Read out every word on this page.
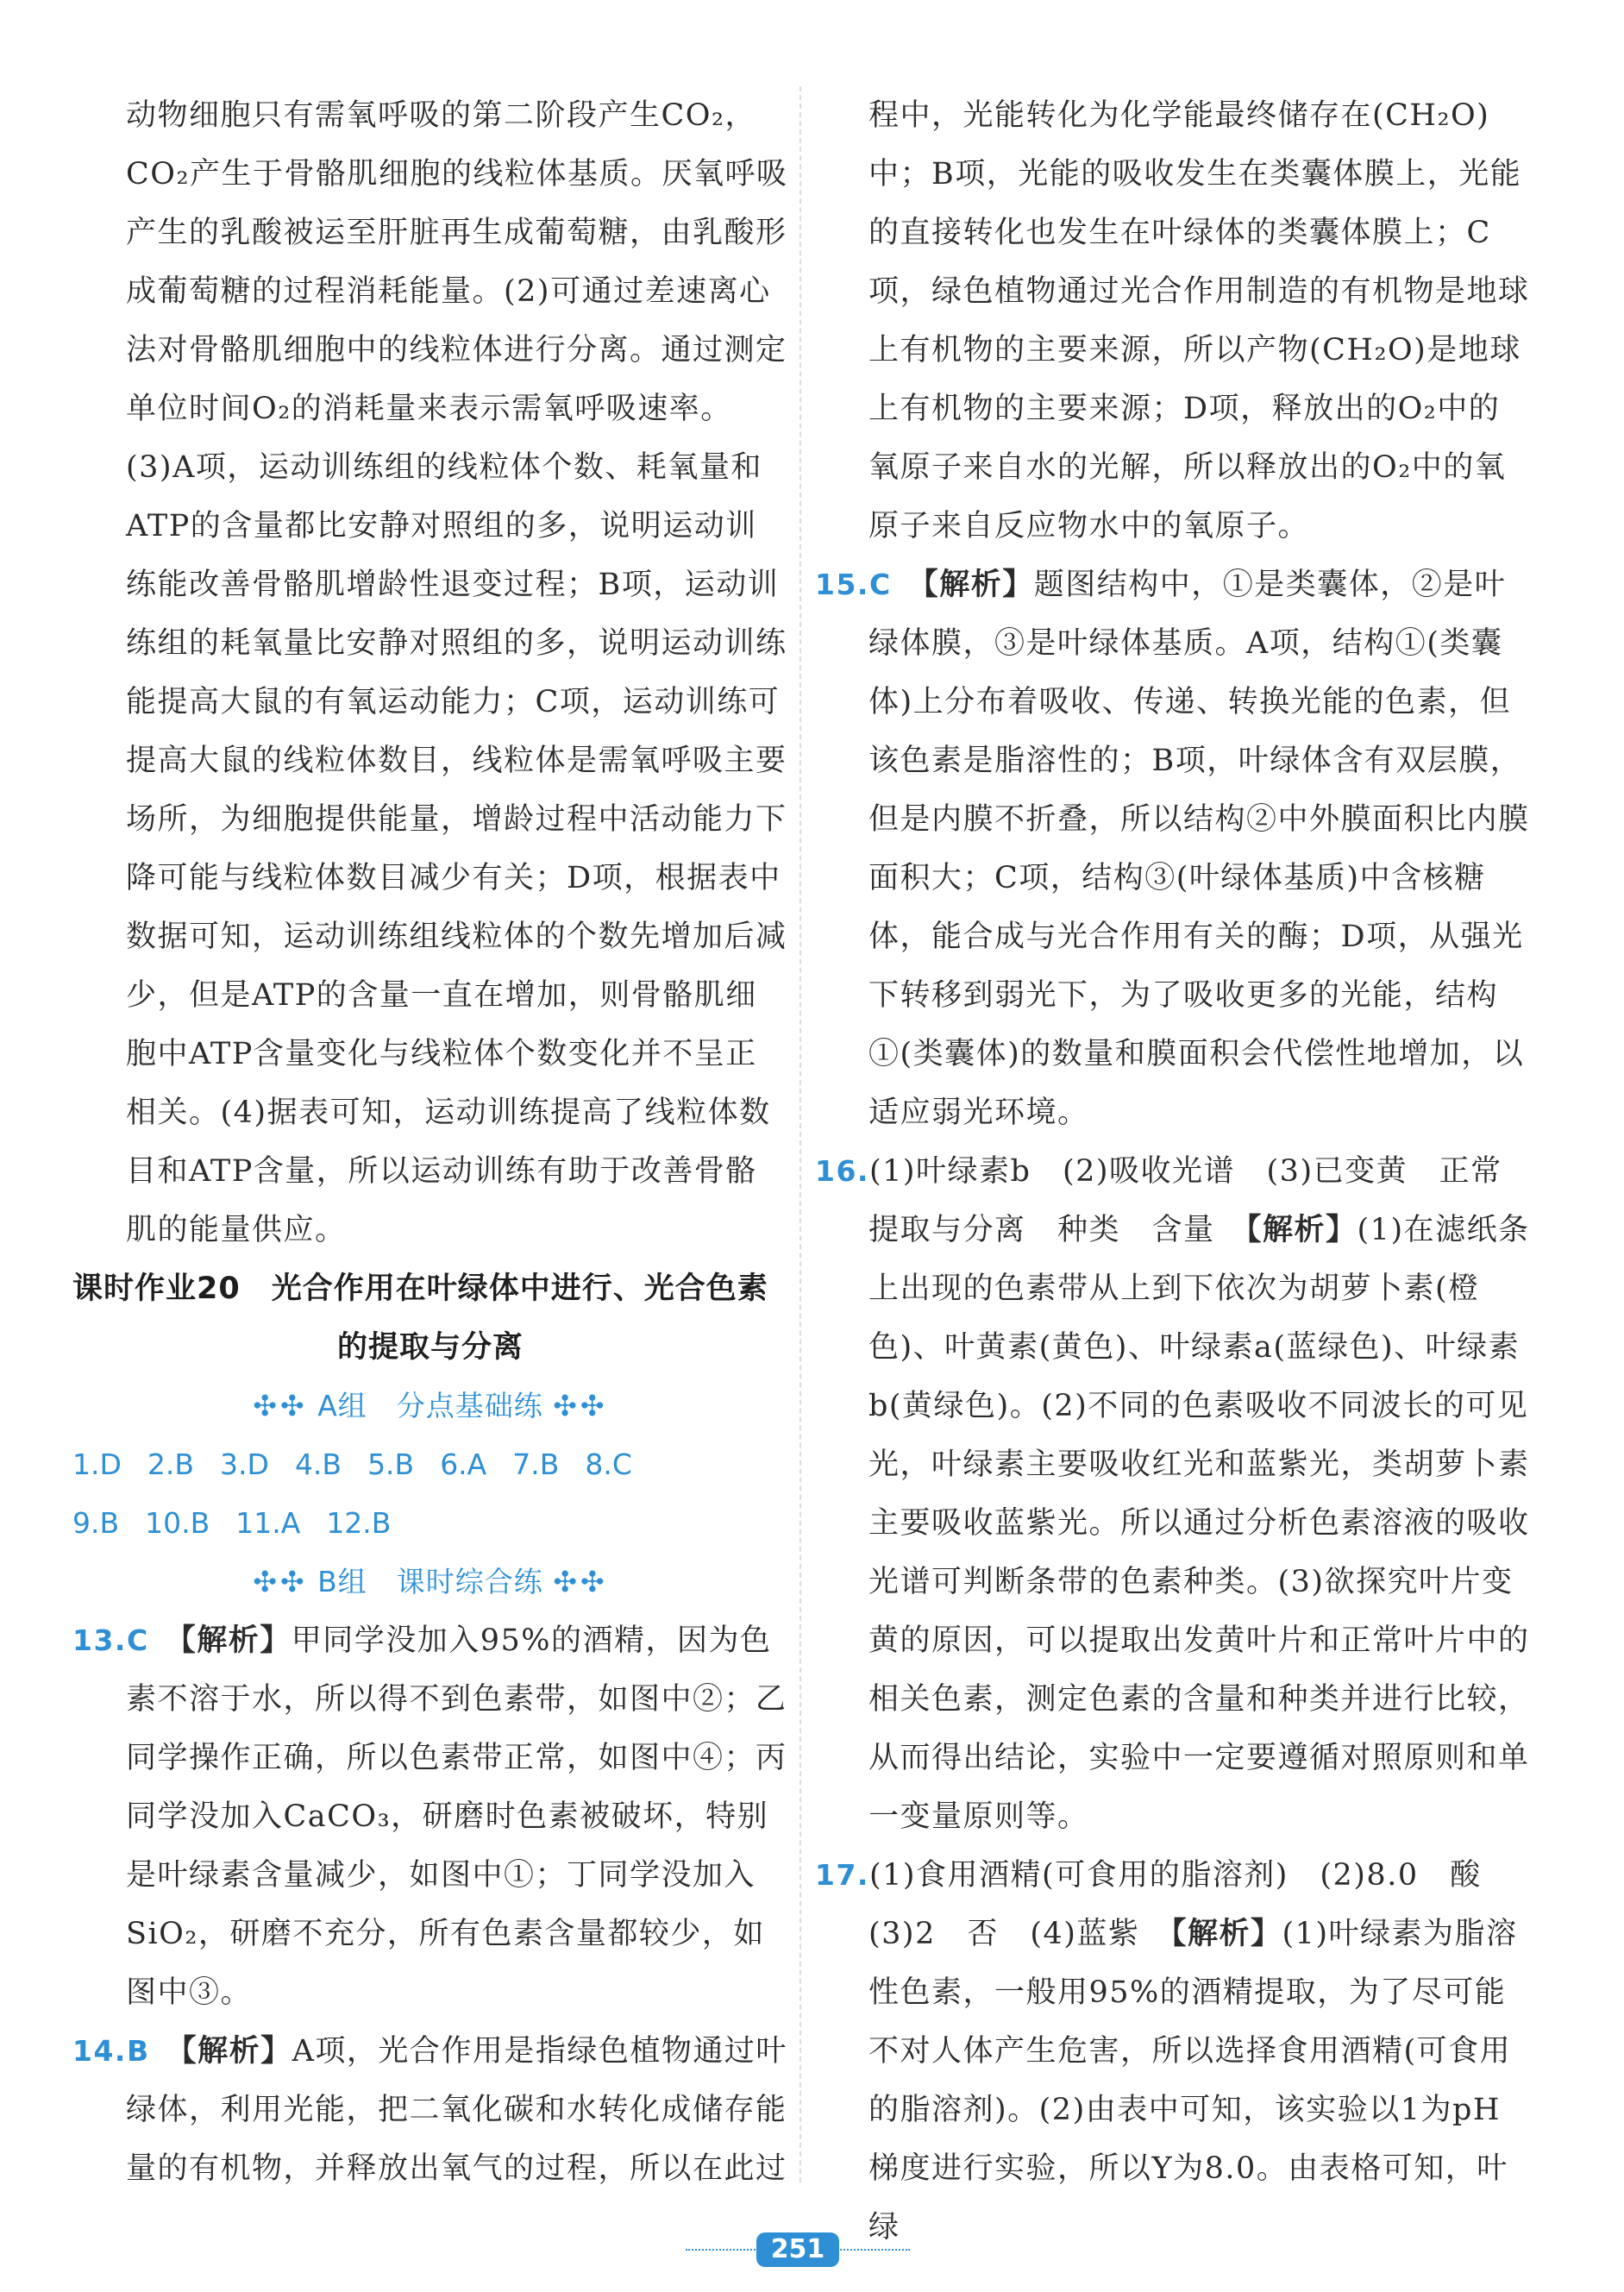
动物细胞只有需氧呼吸的第二阶段产生CO₂，CO₂产生于骨骼肌细胞的线粒体基质。厌氧呼吸产生的乳酸被运至肝脏再生成葡萄糖，由乳酸形成葡萄糖的过程消耗能量。(2)可通过差速离心法对骨骼肌细胞中的线粒体进行分离。通过测定单位时间O₂的消耗量来表示需氧呼吸速率。(3)A项，运动训练组的线粒体个数、耗氧量和ATP的含量都比安静对照组的多，说明运动训练能改善骨骼肌增龄性退变过程；B项，运动训练组的耗氧量比安静对照组的多，说明运动训练能提高大鼠的有氧运动能力；C项，运动训练可提高大鼠的线粒体数目，线粒体是需氧呼吸主要场所，为细胞提供能量，增龄过程中活动能力下降可能与线粒体数目减少有关；D项，根据表中数据可知，运动训练组线粒体的个数先增加后减少，但是ATP的含量一直在增加，则骨骼肌细胞中ATP含量变化与线粒体个数变化并不呈正相关。(4)据表可知，运动训练提高了线粒体数目和ATP含量，所以运动训练有助于改善骨骼肌的能量供应。

课时作业20　光合作用在叶绿体中进行、光合色素
的提取与分离

✣✣ A组　分点基础练 ✣✣

1.D 2.B 3.D 4.B 5.B 6.A 7.B 8.C

9.B 10.B 11.A 12.B

✣✣ B组　课时综合练 ✣✣

13.C　 【解析】甲同学没加入95%的酒精，因为色素不溶于水，所以得不到色素带，如图中②；乙同学操作正确，所以色素带正常，如图中④；丙同学没加入CaCO₃，研磨时色素被破坏，特别是叶绿素含量减少，如图中①；丁同学没加入SiO₂，研磨不充分，所有色素含量都较少，如图中③。

14.B　 【解析】A项，光合作用是指绿色植物通过叶绿体，利用光能，把二氧化碳和水转化成储存能量的有机物，并释放出氧气的过程，所以在此过

程中，光能转化为化学能最终储存在(CH₂O)中；B项，光能的吸收发生在类囊体膜上，光能的直接转化也发生在叶绿体的类囊体膜上；C项，绿色植物通过光合作用制造的有机物是地球上有机物的主要来源，所以产物(CH₂O)是地球上有机物的主要来源；D项，释放出的O₂中的氧原子来自水的光解，所以释放出的O₂中的氧原子来自反应物水中的氧原子。

15.C　 【解析】题图结构中，①是类囊体，②是叶绿体膜，③是叶绿体基质。A项，结构①(类囊体)上分布着吸收、传递、转换光能的色素，但该色素是脂溶性的；B项，叶绿体含有双层膜，但是内膜不折叠，所以结构②中外膜面积比内膜面积大；C项，结构③(叶绿体基质)中含核糖体，能合成与光合作用有关的酶；D项，从强光下转移到弱光下，为了吸收更多的光能，结构①(类囊体)的数量和膜面积会代偿性地增加，以适应弱光环境。

16.(1)叶绿素b　(2)吸收光谱　(3)已变黄　正常　提取与分离　种类　含量　【解析】(1)在滤纸条上出现的色素带从上到下依次为胡萝卜素(橙色)、叶黄素(黄色)、叶绿素a(蓝绿色)、叶绿素b(黄绿色)。(2)不同的色素吸收不同波长的可见光，叶绿素主要吸收红光和蓝紫光，类胡萝卜素主要吸收蓝紫光。所以通过分析色素溶液的吸收光谱可判断条带的色素种类。(3)欲探究叶片变黄的原因，可以提取出发黄叶片和正常叶片中的相关色素，测定色素的含量和种类并进行比较，从而得出结论，实验中一定要遵循对照原则和单一变量原则等。

17.(1)食用酒精(可食用的脂溶剂)　(2)8.0　酸　(3)2　否　(4)蓝紫　【解析】(1)叶绿素为脂溶性色素，一般用95%的酒精提取，为了尽可能不对人体产生危害，所以选择食用酒精(可食用的脂溶剂)。(2)由表中可知，该实验以1为pH梯度进行实验，所以Y为8.0。由表格可知，叶绿

251
